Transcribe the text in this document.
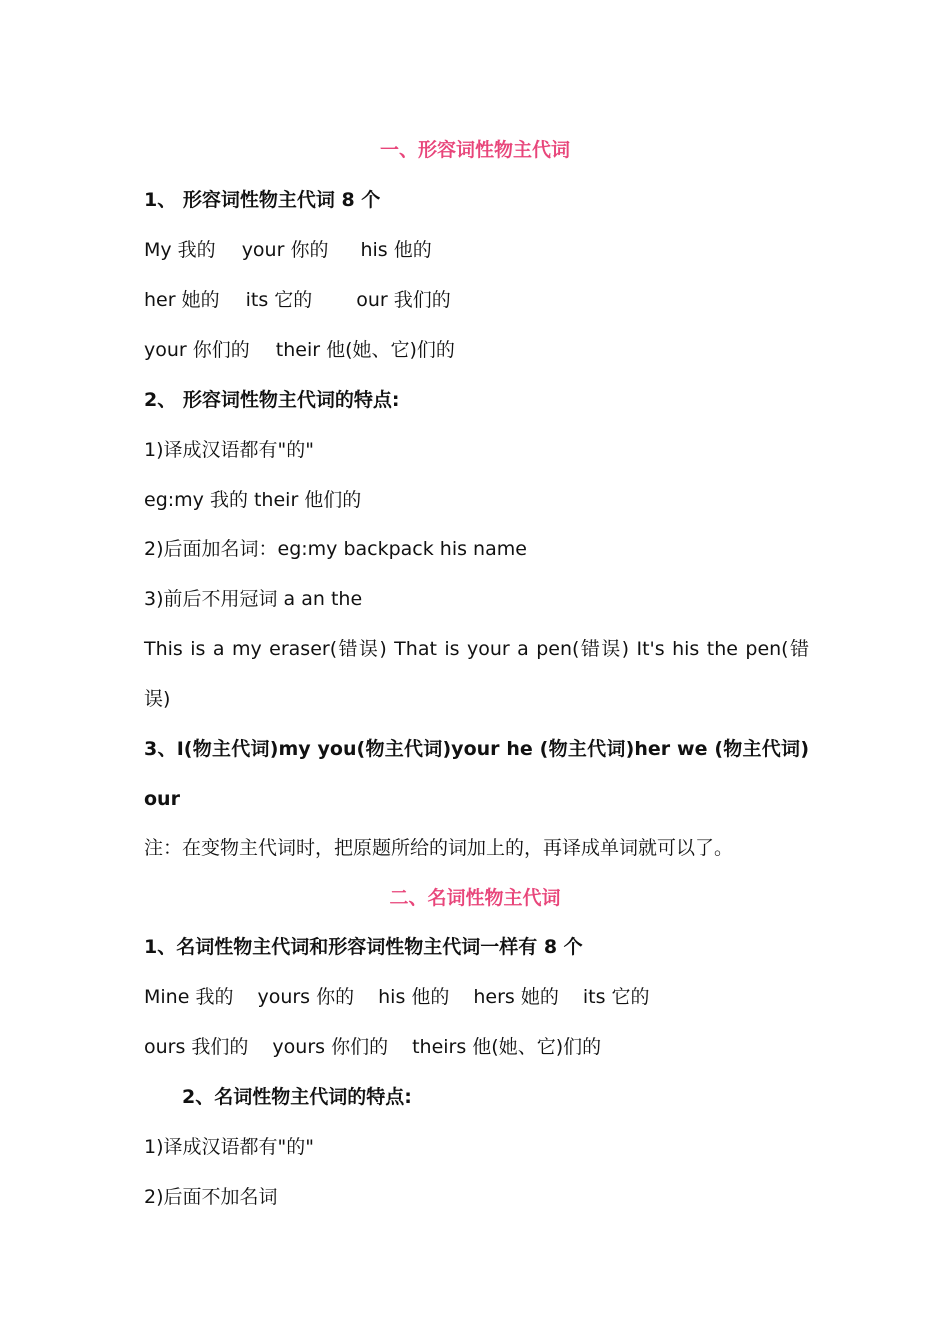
一、形容词性物主代词
1、 形容词性物主代词 8 个
My 我的 your 你的 his 他的
her 她的 its 它的 our 我们的
your 你们的 their 他(她、它)们的
2、 形容词性物主代词的特点:
1)译成汉语都有"的"
eg:my 我的 their 他们的
2)后面加名词：eg:my backpack his name
3)前后不用冠词 a an the
This is a my eraser(错误) That is your a pen(错误) It's his the pen(错
误)
3、I(物主代词)my you(物主代词)your he (物主代词)her we (物主代词)
our
注：在变物主代词时，把原题所给的词加上的，再译成单词就可以了。
二、名词性物主代词
1、名词性物主代词和形容词性物主代词一样有 8 个
Mine 我的 yours 你的 his 他的 hers 她的 its 它的
ours 我们的 yours 你们的 theirs 他(她、它)们的
2、名词性物主代词的特点:
1)译成汉语都有"的"
2)后面不加名词
